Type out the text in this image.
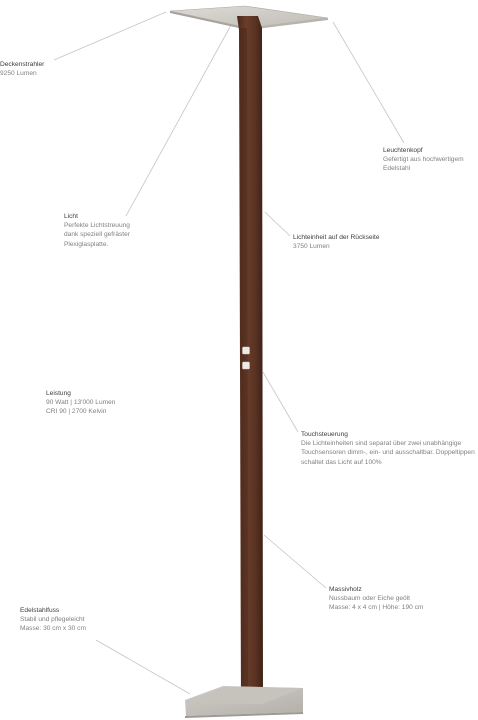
Deckenstrahler
9250 Lumen
Leuchtenkopf
Gefertigt aus hochwertigem
Edelstahl
Licht
Perfekte Lichtstreuung
dank speziell gefräster
Plexiglasplatte.
Lichteinheit auf der Rückseite
3750 Lumen
Leistung
90 Watt | 13'000 Lumen
CRI 90 | 2700 Kelvin
Touchsteuerung
Die Lichteinheiten sind separat über zwei unabhängige
Touchsensoren dimm-, ein- und ausschaltbar. Doppeltippen
schaltet das Licht auf 100%
Massivholz
Nussbaum oder Eiche geölt
Masse: 4 x 4 cm | Höhe: 190 cm
Edelstahlfuss
Stabil und pflegeleicht
Masse: 30 cm x 30 cm
